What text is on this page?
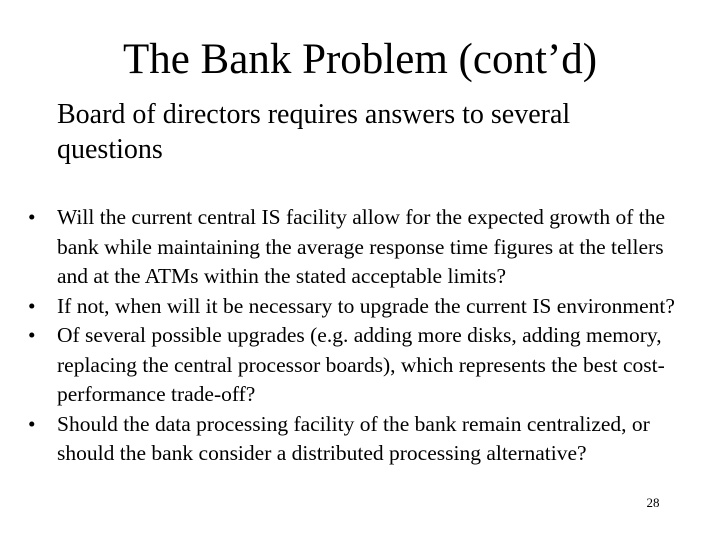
The Bank Problem (cont’d)

Board of directors requires answers to several questions

• Will the current central IS facility allow for the expected growth of the bank while maintaining the average response time figures at the tellers and at the ATMs within the stated acceptable limits?
• If not, when will it be necessary to upgrade the current IS environment?
• Of several possible upgrades (e.g. adding more disks, adding memory, replacing the central processor boards), which represents the best cost-performance trade-off?
• Should the data processing facility of the bank remain centralized, or should the bank consider a distributed processing alternative?
28
